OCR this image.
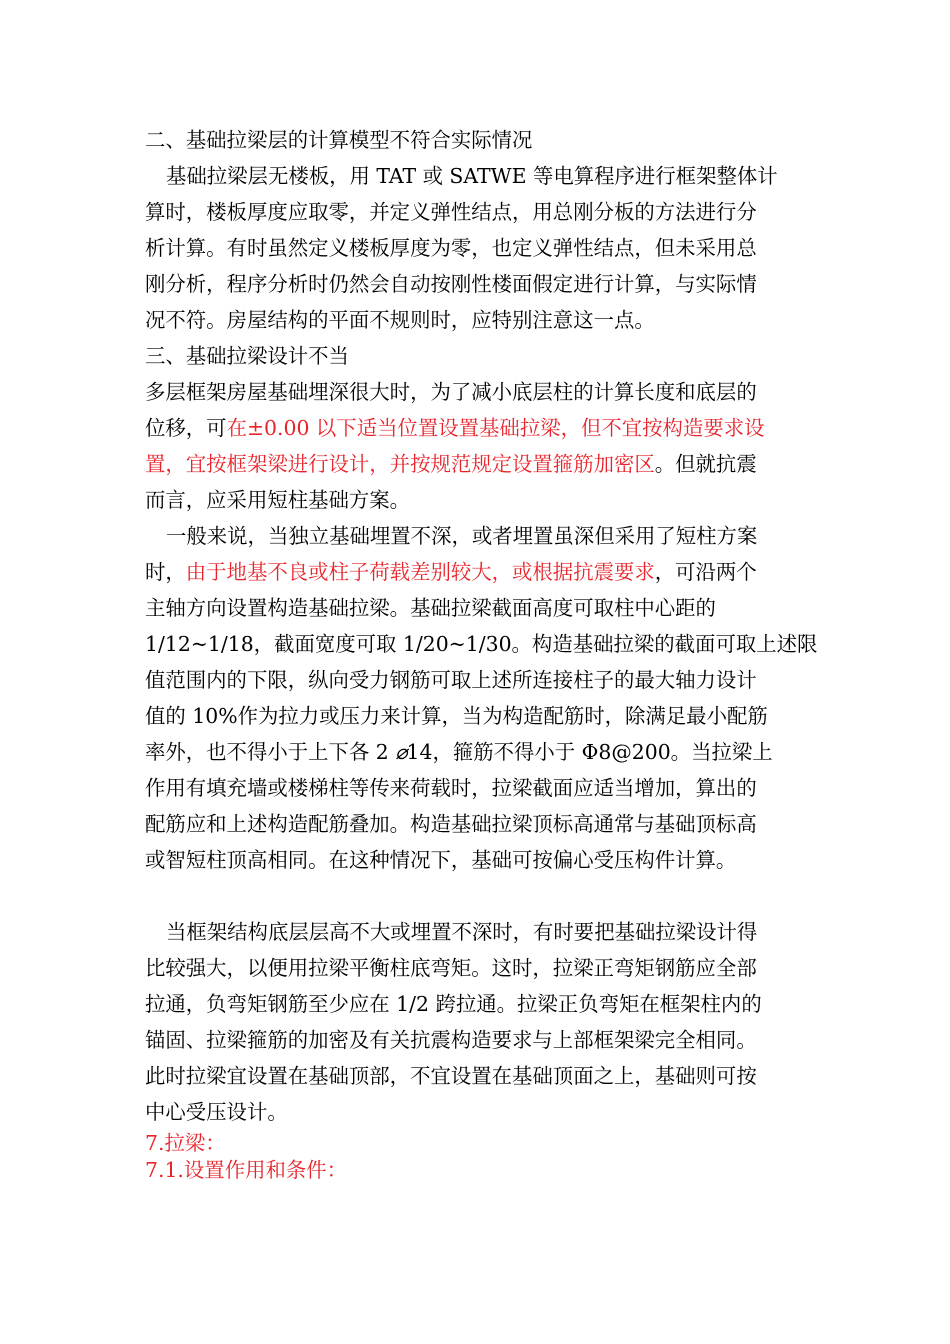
二、基础拉梁层的计算模型不符合实际情况
基础拉梁层无楼板，用 TAT 或 SATWE 等电算程序进行框架整体计
算时，楼板厚度应取零，并定义弹性结点，用总刚分板的方法进行分
析计算。有时虽然定义楼板厚度为零，也定义弹性结点，但未采用总
刚分析，程序分析时仍然会自动按刚性楼面假定进行计算，与实际情
况不符。房屋结构的平面不规则时，应特别注意这一点。
三、基础拉梁设计不当
多层框架房屋基础埋深很大时，为了减小底层柱的计算长度和底层的
位移，可在±0.00 以下适当位置设置基础拉梁，但不宜按构造要求设
置，宜按框架梁进行设计，并按规范规定设置箍筋加密区。但就抗震
而言，应采用短柱基础方案。
一般来说，当独立基础埋置不深，或者埋置虽深但采用了短柱方案
时，由于地基不良或柱子荷载差别较大，或根据抗震要求，可沿两个
主轴方向设置构造基础拉梁。基础拉梁截面高度可取柱中心距的
1/12~1/18，截面宽度可取 1/20~1/30。构造基础拉梁的截面可取上述限
值范围内的下限，纵向受力钢筋可取上述所连接柱子的最大轴力设计
值的 10%作为拉力或压力来计算，当为构造配筋时，除满足最小配筋
率外，也不得小于上下各 2 ⌀14，箍筋不得小于 Φ8@200。当拉梁上
作用有填充墙或楼梯柱等传来荷载时，拉梁截面应适当增加，算出的
配筋应和上述构造配筋叠加。构造基础拉梁顶标高通常与基础顶标高
或智短柱顶高相同。在这种情况下，基础可按偏心受压构件计算。
当框架结构底层层高不大或埋置不深时，有时要把基础拉梁设计得
比较强大，以便用拉梁平衡柱底弯矩。这时，拉梁正弯矩钢筋应全部
拉通，负弯矩钢筋至少应在 1/2 跨拉通。拉梁正负弯矩在框架柱内的
锚固、拉梁箍筋的加密及有关抗震构造要求与上部框架梁完全相同。
此时拉梁宜设置在基础顶部，不宜设置在基础顶面之上，基础则可按
中心受压设计。
7.拉梁：
7.1.设置作用和条件：
